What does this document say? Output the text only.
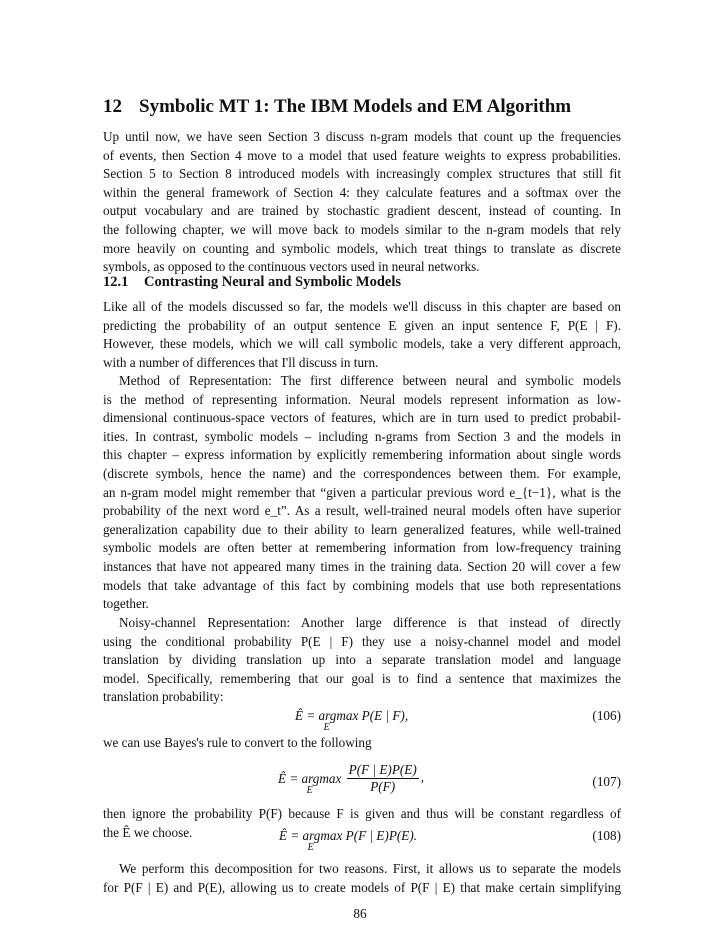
12 Symbolic MT 1: The IBM Models and EM Algorithm
Up until now, we have seen Section 3 discuss n-gram models that count up the frequencies
of events, then Section 4 move to a model that used feature weights to express probabilities.
Section 5 to Section 8 introduced models with increasingly complex structures that still fit
within the general framework of Section 4: they calculate features and a softmax over the
output vocabulary and are trained by stochastic gradient descent, instead of counting. In
the following chapter, we will move back to models similar to the n-gram models that rely
more heavily on counting and symbolic models, which treat things to translate as discrete
symbols, as opposed to the continuous vectors used in neural networks.
12.1 Contrasting Neural and Symbolic Models
Like all of the models discussed so far, the models we'll discuss in this chapter are based on
predicting the probability of an output sentence E given an input sentence F, P(E | F).
However, these models, which we will call symbolic models, take a very different approach,
with a number of differences that I'll discuss in turn.
Method of Representation: The first difference between neural and symbolic models
is the method of representing information. Neural models represent information as low-
dimensional continuous-space vectors of features, which are in turn used to predict probabil-
ities. In contrast, symbolic models – including n-grams from Section 3 and the models in
this chapter – express information by explicitly remembering information about single words
(discrete symbols, hence the name) and the correspondences between them. For example,
an n-gram model might remember that “given a particular previous word e_{t−1}, what is the
probability of the next word e_t”. As a result, well-trained neural models often have superior
generalization capability due to their ability to learn generalized features, while well-trained
symbolic models are often better at remembering information from low-frequency training
instances that have not appeared many times in the training data. Section 20 will cover a few
models that take advantage of this fact by combining models that use both representations
together.
Noisy-channel Representation: Another large difference is that instead of directly
using the conditional probability P(E | F) they use a noisy-channel model and model
translation by dividing translation up into a separate translation model and language
model. Specifically, remembering that our goal is to find a sentence that maximizes the
translation probability:
Ê = argmax
E
P(E | F),	(106)
we can use Bayes's rule to convert to the following
Ê = argmax
E
	$\frac{P(F | E)P(E)}{P(F)}$ ,	(107)
then ignore the probability P(F) because F is given and thus will be constant regardless of
the Ê we choose.	Ê = argmax
E
P(F | E)P(E).	(108)
We perform this decomposition for two reasons. First, it allows us to separate the models
for P(F | E) and P(E), allowing us to create models of P(F | E) that make certain simplifying
86
